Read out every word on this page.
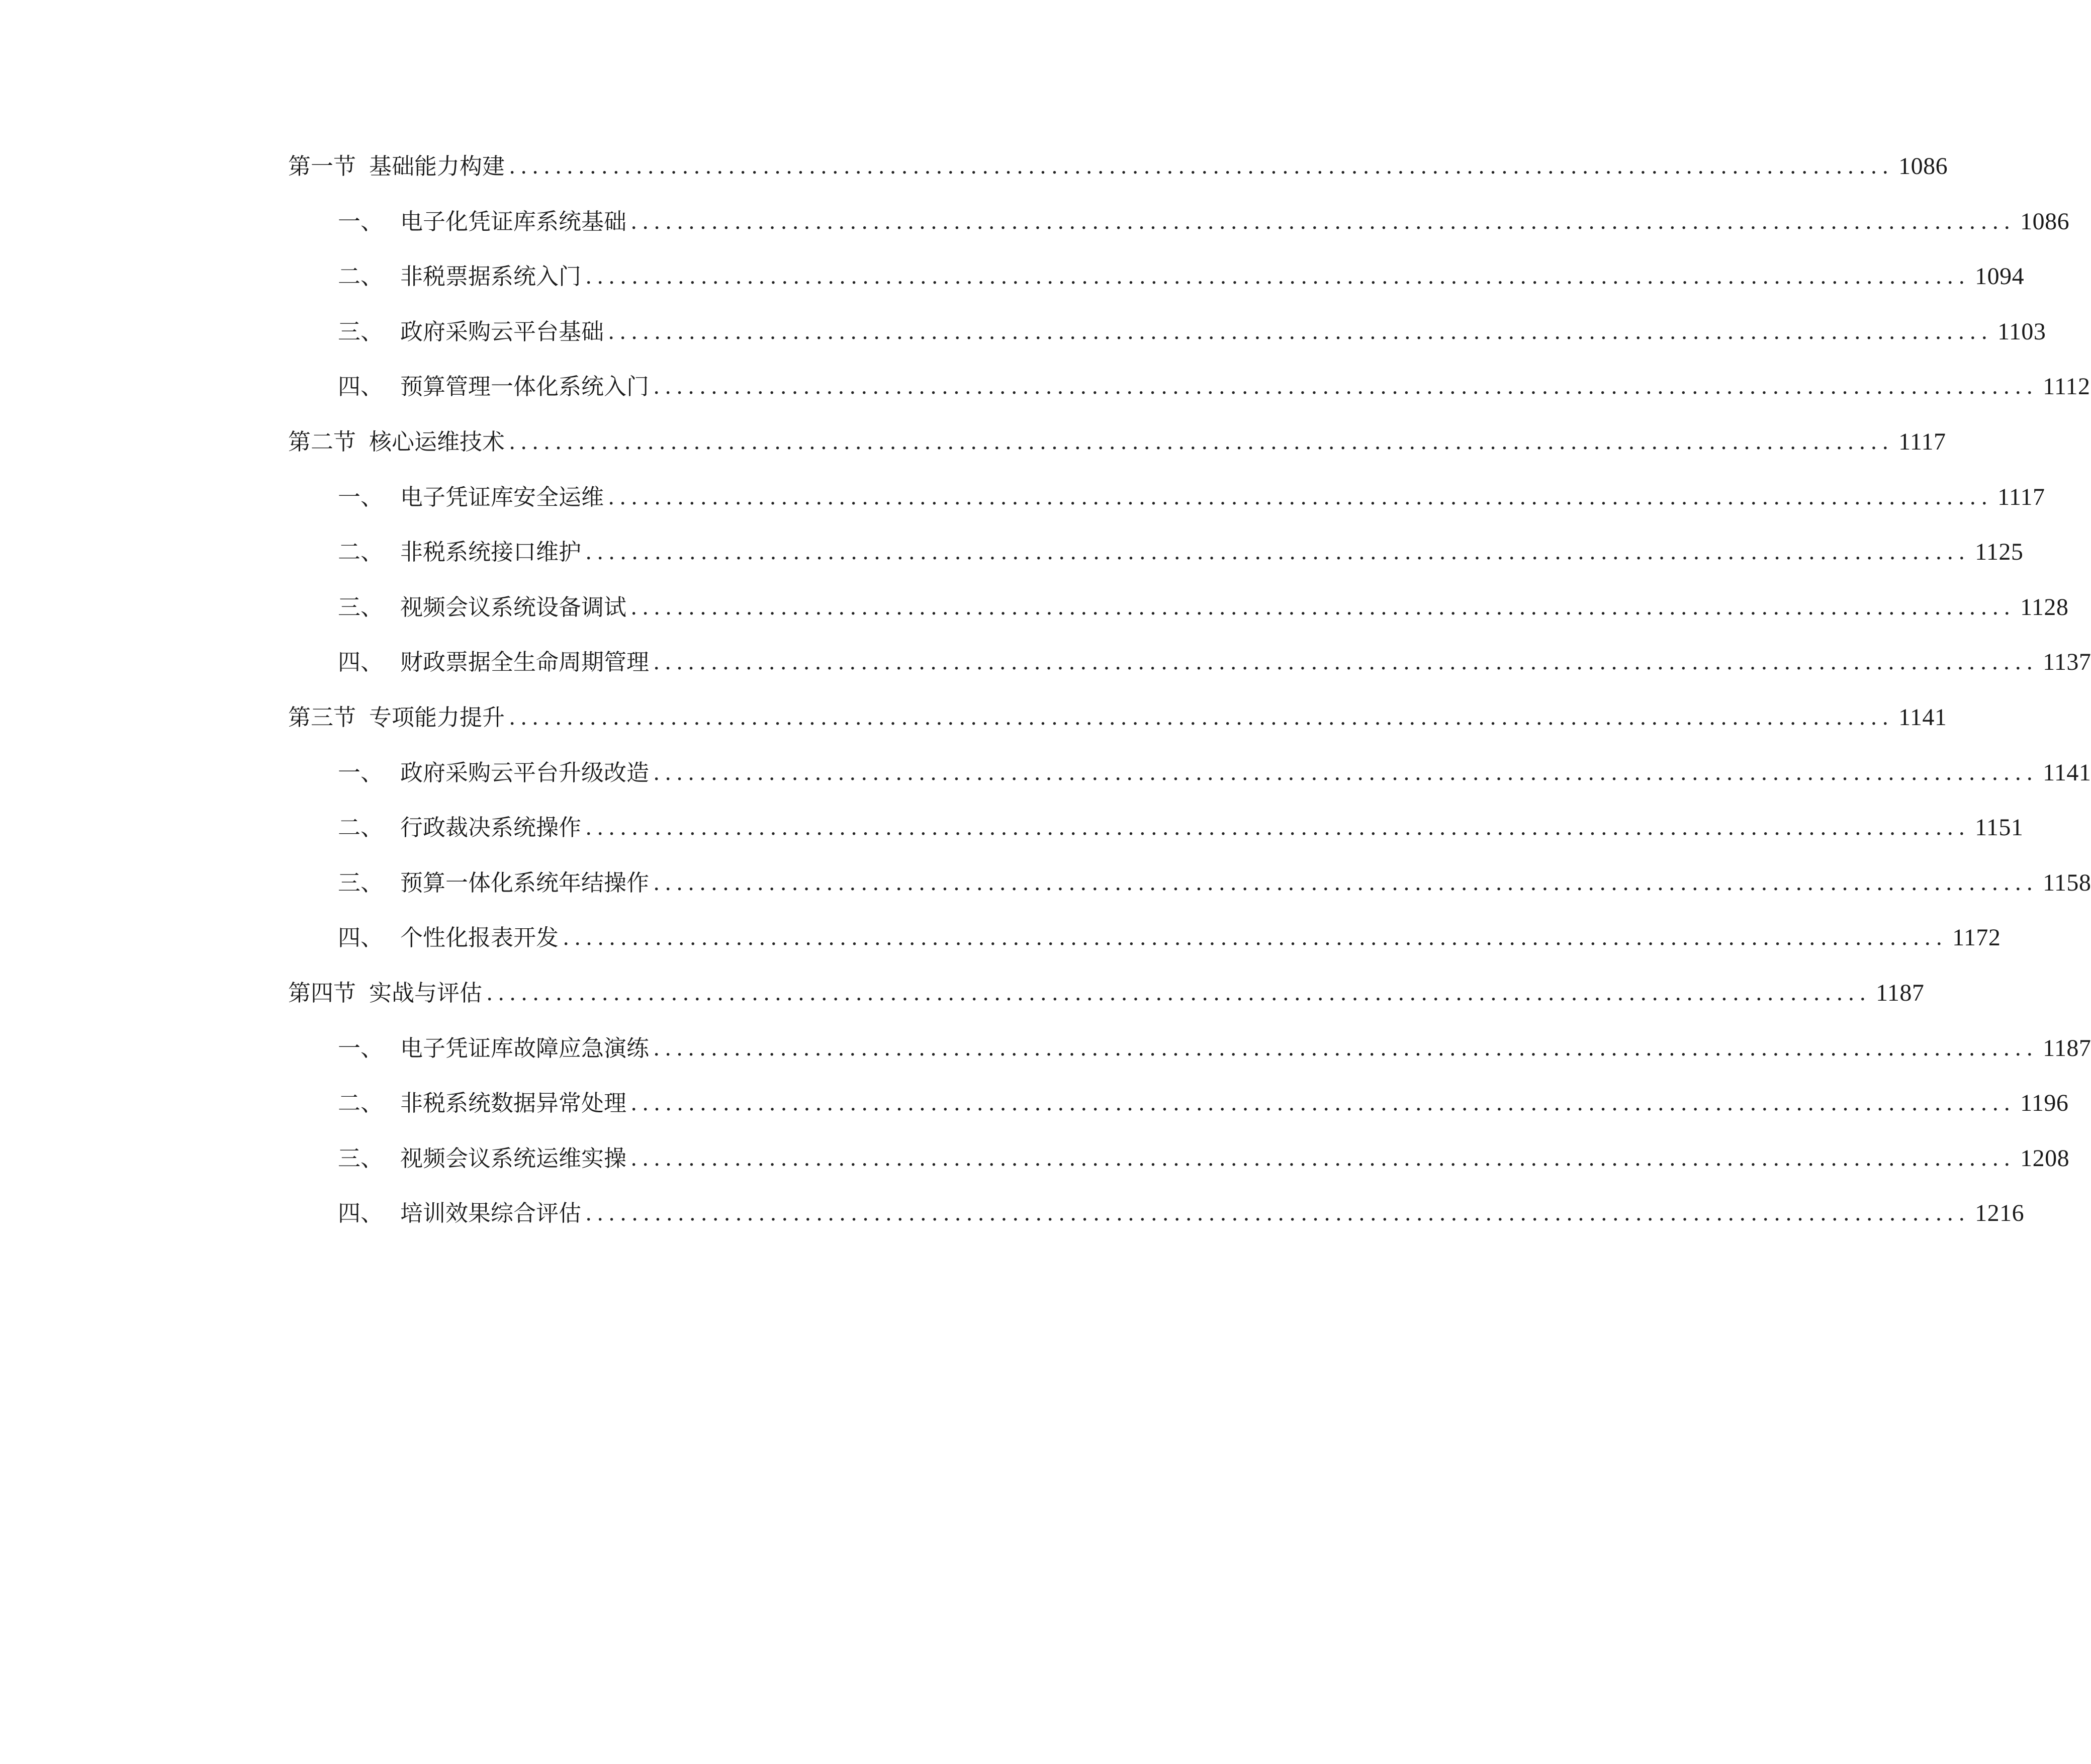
第一节 基础能力构建 ........................................................................................................................ 1086
一、 电子化凭证库系统基础 ........................................................................................................................ 1086
二、 非税票据系统入门 ........................................................................................................................ 1094
三、 政府采购云平台基础 ........................................................................................................................ 1103
四、 预算管理一体化系统入门 ........................................................................................................................ 1112
第二节 核心运维技术 ........................................................................................................................ 1117
一、 电子凭证库安全运维 ........................................................................................................................ 1117
二、 非税系统接口维护 ........................................................................................................................ 1125
三、 视频会议系统设备调试 ........................................................................................................................ 1128
四、 财政票据全生命周期管理 ........................................................................................................................ 1137
第三节 专项能力提升 ........................................................................................................................ 1141
一、 政府采购云平台升级改造 ........................................................................................................................ 1141
二、 行政裁决系统操作 ........................................................................................................................ 1151
三、 预算一体化系统年结操作 ........................................................................................................................ 1158
四、 个性化报表开发 ........................................................................................................................ 1172
第四节 实战与评估 ........................................................................................................................ 1187
一、 电子凭证库故障应急演练 ........................................................................................................................ 1187
二、 非税系统数据异常处理 ........................................................................................................................ 1196
三、 视频会议系统运维实操 ........................................................................................................................ 1208
四、 培训效果综合评估 ........................................................................................................................ 1216
